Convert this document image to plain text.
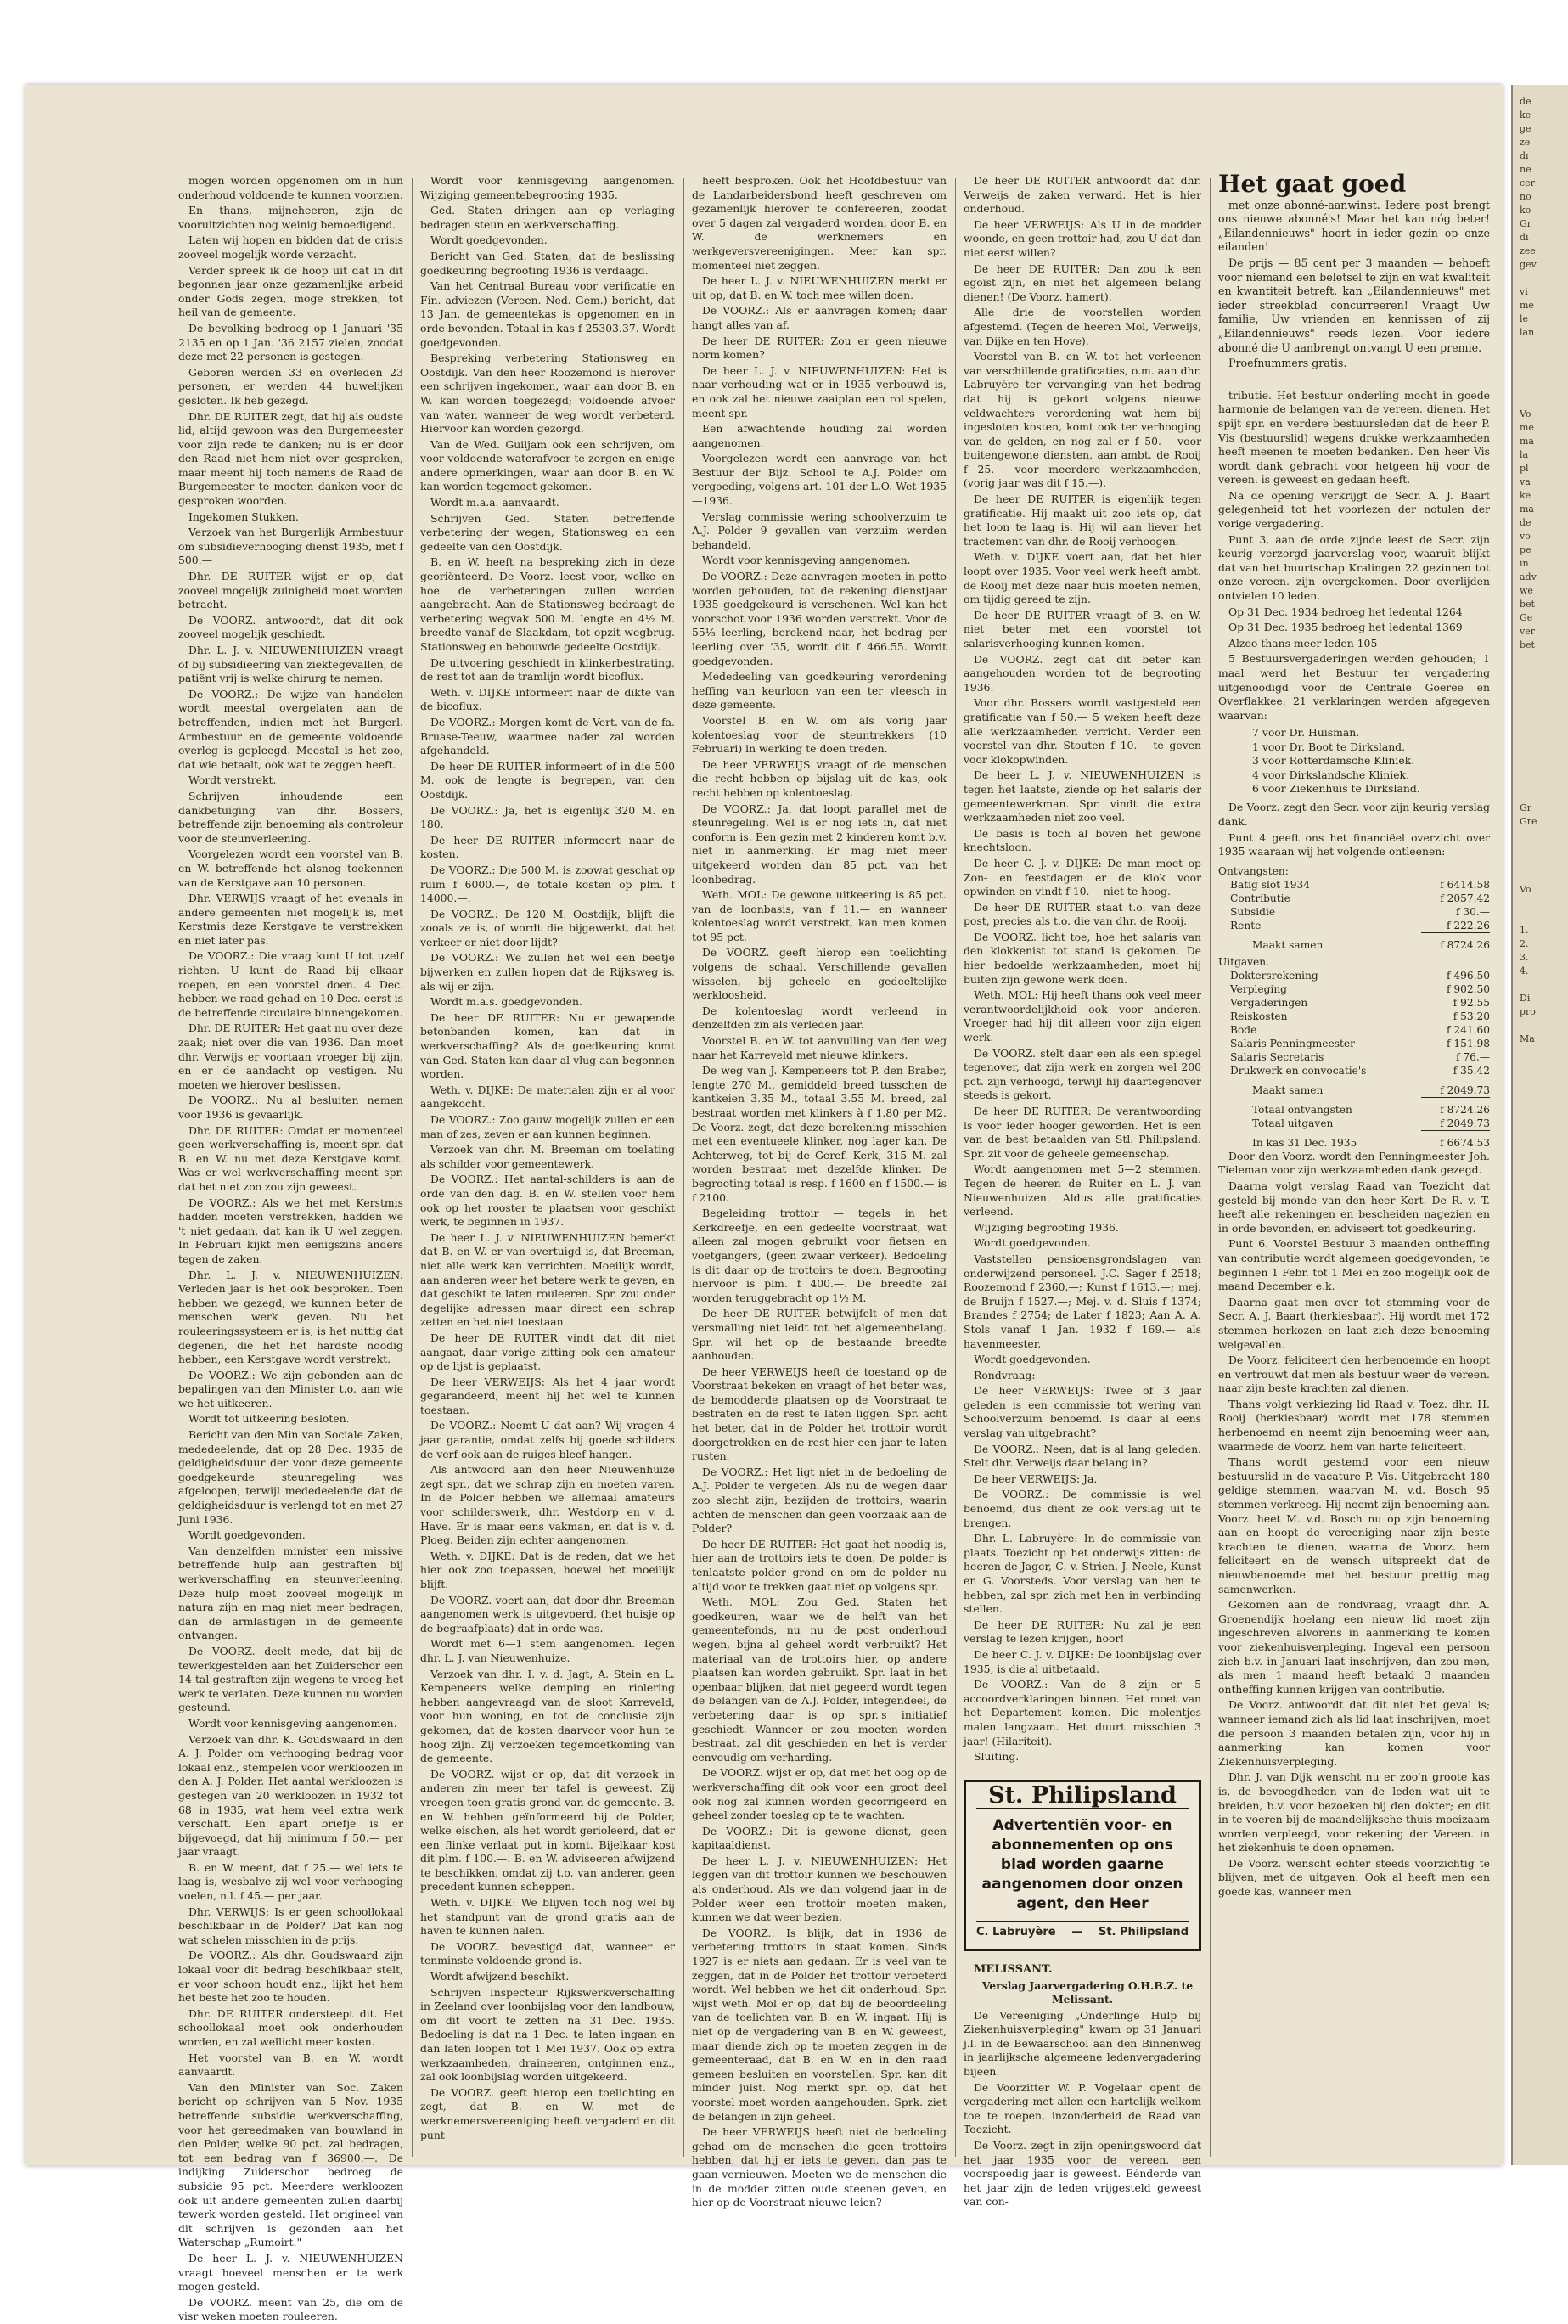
mogen worden opgenomen om in hun onderhoud voldoende te kunnen voorzien.

En thans, mijneheeren, zijn de vooruitzichten nog weinig bemoedigend.

Laten wij hopen en bidden dat de crisis zooveel mogelijk worde verzacht.

Verder spreek ik de hoop uit dat in dit begonnen jaar onze gezamenlijke arbeid onder Gods zegen, moge strekken, tot heil van de gemeente.

De bevolking bedroeg op 1 Januari '35 2135 en op 1 Jan. '36 2157 zielen, zoodat deze met 22 personen is gestegen.

Geboren werden 33 en overleden 23 personen, er werden 44 huwelijken gesloten. Ik heb gezegd.

Dhr. DE RUITER zegt, dat hij als oudste lid, altijd gewoon was den Burgemeester voor zijn rede te danken; nu is er door den Raad niet hem niet over gesproken, maar meent hij toch namens de Raad de Burgemeester te moeten danken voor de gesproken woorden.

Ingekomen Stukken.

Verzoek van het Burgerlijk Armbestuur om subsidieverhooging dienst 1935, met f 500.—

Dhr. DE RUITER wijst er op, dat zooveel mogelijk zuinigheid moet worden betracht.

De VOORZ. antwoordt, dat dit ook zooveel mogelijk geschiedt.

Dhr. L. J. v. NIEUWENHUIZEN vraagt of bij subsidieering van ziektegevallen, de patiënt vrij is welke chirurg te nemen.

De VOORZ.: De wijze van handelen wordt meestal overgelaten aan de betreffenden, indien met het Burgerl. Armbestuur en de gemeente voldoende overleg is gepleegd. Meestal is het zoo, dat wie betaalt, ook wat te zeggen heeft.

Wordt verstrekt.

Schrijven inhoudende een dankbetuiging van dhr. Bossers, betreffende zijn benoeming als controleur voor de steunverleening.

Voorgelezen wordt een voorstel van B. en W. betreffende het alsnog toekennen van de Kerstgave aan 10 personen.

Dhr. VERWIJS vraagt of het evenals in andere gemeenten niet mogelijk is, met Kerstmis deze Kerstgave te verstrekken en niet later pas.

De VOORZ.: Die vraag kunt U tot uzelf richten. U kunt de Raad bij elkaar roepen, en een voorstel doen. 4 Dec. hebben we raad gehad en 10 Dec. eerst is de betreffende circulaire binnengekomen.

Dhr. DE RUITER: Het gaat nu over deze zaak; niet over die van 1936. Dan moet dhr. Verwijs er voortaan vroeger bij zijn, en er de aandacht op vestigen. Nu moeten we hierover beslissen.

De VOORZ.: Nu al besluiten nemen voor 1936 is gevaarlijk.

Dhr. DE RUITER: Omdat er momenteel geen werkverschaffing is, meent spr. dat B. en W. nu met deze Kerstgave komt. Was er wel werkverschaffing meent spr. dat het niet zoo zou zijn geweest.

De VOORZ.: Als we het met Kerstmis hadden moeten verstrekken, hadden we 't niet gedaan, dat kan ik U wel zeggen. In Februari kijkt men eenigszins anders tegen de zaken.

Dhr. L. J. v. NIEUWENHUIZEN: Verleden jaar is het ook besproken. Toen hebben we gezegd, we kunnen beter de menschen werk geven. Nu het rouleeringssysteem er is, is het nuttig dat degenen, die het het hardste noodig hebben, een Kerstgave wordt verstrekt.

De VOORZ.: We zijn gebonden aan de bepalingen van den Minister t.o. aan wie we het uitkeeren.

Wordt tot uitkeering besloten.

Bericht van den Min van Sociale Zaken, mededeelende, dat op 28 Dec. 1935 de geldigheidsduur der voor deze gemeente goedgekeurde steunregeling was afgeloopen, terwijl mededeelende dat de geldigheidsduur is verlengd tot en met 27 Juni 1936.

Wordt goedgevonden.

Van denzelfden minister een missive betreffende hulp aan gestraften bij werkverschaffing en steunverleening. Deze hulp moet zooveel mogelijk in natura zijn en mag niet meer bedragen, dan de armlastigen in de gemeente ontvangen.

De VOORZ. deelt mede, dat bij de tewerkgestelden aan het Zuiderschor een 14-tal gestraften zijn wegens te vroeg het werk te verlaten. Deze kunnen nu worden gesteund.

Wordt voor kennisgeving aangenomen.

Verzoek van dhr. K. Goudswaard in den A. J. Polder om verhooging bedrag voor lokaal enz., stempelen voor werkloozen in den A. J. Polder. Het aantal werkloozen is gestegen van 20 werkloozen in 1932 tot 68 in 1935, wat hem veel extra werk verschaft. Een apart briefje is er bijgevoegd, dat hij minimum f 50.— per jaar vraagt.

B. en W. meent, dat f 25.— wel iets te laag is, wesbalve zij wel voor verhooging voelen, n.l. f 45.— per jaar.

Dhr. VERWIJS: Is er geen schoollokaal beschikbaar in de Polder? Dat kan nog wat schelen misschien in de prijs.

De VOORZ.: Als dhr. Goudswaard zijn lokaal voor dit bedrag beschikbaar stelt, er voor schoon houdt enz., lijkt het hem het beste het zoo te houden.

Dhr. DE RUITER ondersteept dit. Het schoollokaal moet ook onderhouden worden, en zal wellicht meer kosten.

Het voorstel van B. en W. wordt aanvaardt.

Van den Minister van Soc. Zaken bericht op schrijven van 5 Nov. 1935 betreffende subsidie werkverschaffing, voor het gereedmaken van bouwland in den Polder, welke 90 pct. zal bedragen, tot een bedrag van f 36900.—. De indijking Zuiderschor bedroeg de subsidie 95 pct. Meerdere werkloozen ook uit andere gemeenten zullen daarbij tewerk worden gesteld. Het origineel van dit schrijven is gezonden aan het Waterschap „Rumoirt."

De heer L. J. v. NIEUWENHUIZEN vraagt hoeveel menschen er te werk mogen gesteld.

De VOORZ. meent van 25, die om de visr weken moeten rouleeren.

Wordt voor kennisgeving aangenomen. Wijziging gemeentebegrooting 1935.

Ged. Staten dringen aan op verlaging bedragen steun en werkverschaffing.

Wordt goedgevonden.

Bericht van Ged. Staten, dat de beslissing goedkeuring begrooting 1936 is verdaagd.

Van het Centraal Bureau voor verificatie en Fin. adviezen (Vereen. Ned. Gem.) bericht, dat 13 Jan. de gemeentekas is opgenomen en in orde bevonden. Totaal in kas f 25303.37. Wordt goedgevonden.

Bespreking verbetering Stationsweg en Oostdijk. Van den heer Roozemond is hierover een schrijven ingekomen, waar aan door B. en W. kan worden toegezegd; voldoende afvoer van water, wanneer de weg wordt verbeterd. Hiervoor kan worden gezorgd.

Van de Wed. Guiljam ook een schrijven, om voor voldoende waterafvoer te zorgen en enige andere opmerkingen, waar aan door B. en W. kan worden tegemoet gekomen.

Wordt m.a.a. aanvaardt.

Schrijven Ged. Staten betreffende verbetering der wegen, Stationsweg en een gedeelte van den Oostdijk.

B. en W. heeft na bespreking zich in deze georiënteerd. De Voorz. leest voor, welke en hoe de verbeteringen zullen worden aangebracht. Aan de Stationsweg bedraagt de verbetering wegvak 500 M. lengte en 4½ M. breedte vanaf de Slaakdam, tot opzit wegbrug. Stationsweg en bebouwde gedeelte Oostdijk.

De uitvoering geschiedt in klinkerbestrating, de rest tot aan de tramlijn wordt bicoflux.

Weth. v. DIJKE informeert naar de dikte van de bicoflux.

De VOORZ.: Morgen komt de Vert. van de fa. Bruase-Teeuw, waarmee nader zal worden afgehandeld.

De heer DE RUITER informeert of in die 500 M. ook de lengte is begrepen, van den Oostdijk.

De VOORZ.: Ja, het is eigenlijk 320 M. en 180.

De heer DE RUITER informeert naar de kosten.

De VOORZ.: Die 500 M. is zoowat geschat op ruim f 6000.—, de totale kosten op plm. f 14000.—.

De VOORZ.: De 120 M. Oostdijk, blijft die zooals ze is, of wordt die bijgewerkt, dat het verkeer er niet door lijdt?

De VOORZ.: We zullen het wel een beetje bijwerken en zullen hopen dat de Rijksweg is, als wij er zijn.

Wordt m.a.s. goedgevonden.

De heer DE RUITER: Nu er gewapende betonbanden komen, kan dat in werkverschaffing? Als de goedkeuring komt van Ged. Staten kan daar al vlug aan begonnen worden.

Weth. v. DIJKE: De materialen zijn er al voor aangekocht.

De VOORZ.: Zoo gauw mogelijk zullen er een man of zes, zeven er aan kunnen beginnen.

Verzoek van dhr. M. Breeman om toelating als schilder voor gemeentewerk.

De VOORZ.: Het aantal-schilders is aan de orde van den dag. B. en W. stellen voor hem ook op het rooster te plaatsen voor geschikt werk, te beginnen in 1937.

De heer L. J. v. NIEUWENHUIZEN bemerkt dat B. en W. er van overtuigd is, dat Breeman, niet alle werk kan verrichten. Moeilijk wordt, aan anderen weer het betere werk te geven, en dat geschikt te laten rouleeren. Spr. zou onder degelijke adressen maar direct een schrap zetten en het niet toestaan.

De heer DE RUITER vindt dat dit niet aangaat, daar vorige zitting ook een amateur op de lijst is geplaatst.

De heer VERWEIJS: Als het 4 jaar wordt gegarandeerd, meent hij het wel te kunnen toestaan.

De VOORZ.: Neemt U dat aan? Wij vragen 4 jaar garantie, omdat zelfs bij goede schilders de verf ook aan de ruiges bleef hangen.

Als antwoord aan den heer Nieuwenhuize zegt spr., dat we schrap zijn en moeten varen. In de Polder hebben we allemaal amateurs voor schilderswerk, dhr. Westdorp en v. d. Have. Er is maar eens vakman, en dat is v. d. Ploeg. Beiden zijn echter aangenomen.

Weth. v. DIJKE: Dat is de reden, dat we het hier ook zoo toepassen, hoewel het moeilijk blijft.

De VOORZ. voert aan, dat door dhr. Breeman aangenomen werk is uitgevoerd, (het huisje op de begraafplaats) dat in orde was.

Wordt met 6—1 stem aangenomen. Tegen dhr. L. J. van Nieuwenhuize.

Verzoek van dhr. I. v. d. Jagt, A. Stein en L. Kempeneers welke demping en riolering hebben aangevraagd van de sloot Karreveld, voor hun woning, en tot de conclusie zijn gekomen, dat de kosten daarvoor voor hun te hoog zijn. Zij verzoeken tegemoetkoming van de gemeente.

De VOORZ. wijst er op, dat dit verzoek in anderen zin meer ter tafel is geweest. Zij vroegen toen gratis grond van de gemeente. B. en W. hebben geïnformeerd bij de Polder, welke eischen, als het wordt gerioleerd, dat er een flinke verlaat put in komt. Bijelkaar kost dit plm. f 100.—. B. en W. adviseeren afwijzend te beschikken, omdat zij t.o. van anderen geen precedent kunnen scheppen.

Weth. v. DIJKE: We blijven toch nog wel bij het standpunt van de grond gratis aan de haven te kunnen halen.

De VOORZ. bevestigd dat, wanneer er tenminste voldoende grond is.

Wordt afwijzend beschikt.

Schrijven Inspecteur Rijkswerkverschaffing in Zeeland over loonbijslag voor den landbouw, om dit voort te zetten na 31 Dec. 1935. Bedoeling is dat na 1 Dec. te laten ingaan en dan laten loopen tot 1 Mei 1937. Ook op extra werkzaamheden, draineeren, ontginnen enz., zal ook loonbijslag worden uitgekeerd.

De VOORZ. geeft hierop een toelichting en zegt, dat B. en W. met de werknemersvereeniging heeft vergaderd en dit punt

heeft besproken. Ook het Hoofdbestuur van de Landarbeidersbond heeft geschreven om gezamenlijk hierover te confereeren, zoodat over 5 dagen zal vergaderd worden, door B. en W. de werknemers en werkgeversvereenigingen. Meer kan spr. momenteel niet zeggen.

De heer L. J. v. NIEUWENHUIZEN merkt er uit op, dat B. en W. toch mee willen doen.

De VOORZ.: Als er aanvragen komen; daar hangt alles van af.

De heer DE RUITER: Zou er geen nieuwe norm komen?

De heer L. J. v. NIEUWENHUIZEN: Het is naar verhouding wat er in 1935 verbouwd is, en ook zal het nieuwe zaaiplan een rol spelen, meent spr.

Een afwachtende houding zal worden aangenomen.

Voorgelezen wordt een aanvrage van het Bestuur der Bijz. School te A.J. Polder om vergoeding, volgens art. 101 der L.O. Wet 1935—1936.

Verslag commissie wering schoolverzuim te A.J. Polder 9 gevallen van verzuim werden behandeld.

Wordt voor kennisgeving aangenomen.

De VOORZ.: Deze aanvragen moeten in petto worden gehouden, tot de rekening dienstjaar 1935 goedgekeurd is verschenen. Wel kan het voorschot voor 1936 worden verstrekt. Voor de 55⅓ leerling, berekend naar, het bedrag per leerling over '35, wordt dit f 466.55. Wordt goedgevonden.

Mededeeling van goedkeuring verordening heffing van keurloon van een ter vleesch in deze gemeente.

Voorstel B. en W. om als vorig jaar kolentoeslag voor de steuntrekkers (10 Februari) in werking te doen treden.

De heer VERWEIJS vraagt of de menschen die recht hebben op bijslag uit de kas, ook recht hebben op kolentoeslag.

De VOORZ.: Ja, dat loopt parallel met de steunregeling. Wel is er nog iets in, dat niet conform is. Een gezin met 2 kinderen komt b.v. niet in aanmerking. Er mag niet meer uitgekeerd worden dan 85 pct. van het loonbedrag.

Weth. MOL: De gewone uitkeering is 85 pct. van de loonbasis, van f 11.— en wanneer kolentoeslag wordt verstrekt, kan men komen tot 95 pct.

De VOORZ. geeft hierop een toelichting volgens de schaal. Verschillende gevallen wisselen, bij geheele en gedeeltelijke werkloosheid.

De kolentoeslag wordt verleend in denzelfden zin als verleden jaar.

Voorstel B. en W. tot aanvulling van den weg naar het Karreveld met nieuwe klinkers.

De weg van J. Kempeneers tot P. den Braber, lengte 270 M., gemiddeld breed tusschen de kantkeien 3.35 M., totaal 3.55 M. breed, zal bestraat worden met klinkers à f 1.80 per M2. De Voorz. zegt, dat deze berekening misschien met een eventueele klinker, nog lager kan. De Achterweg, tot bij de Geref. Kerk, 315 M. zal worden bestraat met dezelfde klinker. De begrooting totaal is resp. f 1600 en f 1500.— is f 2100.

Begeleiding trottoir — tegels in het Kerkdreefje, en een gedeelte Voorstraat, wat alleen zal mogen gebruikt voor fietsen en voetgangers, (geen zwaar verkeer). Bedoeling is dit daar op de trottoirs te doen. Begrooting hiervoor is plm. f 400.—. De breedte zal worden teruggebracht op 1½ M.

De heer DE RUITER betwijfelt of men dat versmalling niet leidt tot het algemeenbelang. Spr. wil het op de bestaande breedte aanhouden.

De heer VERWEIJS heeft de toestand op de Voorstraat bekeken en vraagt of het beter was, de bemodderde plaatsen op de Voorstraat te bestraten en de rest te laten liggen. Spr. acht het beter, dat in de Polder het trottoir wordt doorgetrokken en de rest hier een jaar te laten rusten.

De VOORZ.: Het ligt niet in de bedoeling de A.J. Polder te vergeten. Als nu de wegen daar zoo slecht zijn, bezijden de trottoirs, waarin achten de menschen dan geen voorzaak aan de Polder?

De heer DE RUITER: Het gaat het noodig is, hier aan de trottoirs iets te doen. De polder is tenlaatste polder grond en om de polder nu altijd voor te trekken gaat niet op volgens spr.

Weth. MOL: Zou Ged. Staten het goedkeuren, waar we de helft van het gemeentefonds, nu nu de post onderhoud wegen, bijna al geheel wordt verbruikt? Het materiaal van de trottoirs hier, op andere plaatsen kan worden gebruikt. Spr. laat in het openbaar blijken, dat niet gegeerd wordt tegen de belangen van de A.J. Polder, integendeel, de verbetering daar is op spr.'s initiatief geschiedt. Wanneer er zou moeten worden bestraat, zal dit geschieden en het is verder eenvoudig om verharding.

De VOORZ. wijst er op, dat met het oog op de werkverschaffing dit ook voor een groot deel ook nog zal kunnen worden gecorrigeerd en geheel zonder toeslag op te te wachten.

De VOORZ.: Dit is gewone dienst, geen kapitaaldienst.

De heer L. J. v. NIEUWENHUIZEN: Het leggen van dit trottoir kunnen we beschouwen als onderhoud. Als we dan volgend jaar in de Polder weer een trottoir moeten maken, kunnen we dat weer bezien.

De VOORZ.: Is blijk, dat in 1936 de verbetering trottoirs in staat komen. Sinds 1927 is er niets aan gedaan. Er is veel van te zeggen, dat in de Polder het trottoir verbeterd wordt. Wel hebben we het dit onderhoud. Spr. wijst weth. Mol er op, dat bij de beoordeeling van de toelichten van B. en W. ingaat. Hij is niet op de vergadering van B. en W. geweest, maar diende zich op te moeten zeggen in de gemeenteraad, dat B. en W. en in den raad gemeen besluiten en voorstellen. Spr. kan dit minder juist. Nog merkt spr. op, dat het voorstel moet worden aangehouden. Sprk. ziet de belangen in zijn geheel.

De heer VERWEIJS heeft niet de bedoeling gehad om de menschen die geen trottoirs hebben, dat hij er iets te geven, dan pas te gaan vernieuwen. Moeten we de menschen die in de modder zitten oude steenen geven, en hier op de Voorstraat nieuwe leien?

De heer DE RUITER antwoordt dat dhr. Verweijs de zaken verward. Het is hier onderhoud.

De heer VERWEIJS: Als U in de modder woonde, en geen trottoir had, zou U dat dan niet eerst willen?

De heer DE RUITER: Dan zou ik een egoïst zijn, en niet het algemeen belang dienen! (De Voorz. hamert).

Alle drie de voorstellen worden afgestemd. (Tegen de heeren Mol, Verweijs, van Dijke en ten Hove).

Voorstel van B. en W. tot het verleenen van verschillende gratificaties, o.m. aan dhr. Labruyère ter vervanging van het bedrag dat hij is gekort volgens nieuwe veldwachters verordening wat hem bij ingesloten kosten, komt ook ter verhooging van de gelden, en nog zal er f 50.— voor buitengewone diensten, aan ambt. de Rooij f 25.— voor meerdere werkzaamheden, (vorig jaar was dit f 15.—).

De heer DE RUITER is eigenlijk tegen gratificatie. Hij maakt uit zoo iets op, dat het loon te laag is. Hij wil aan liever het tractement van dhr. de Rooij verhoogen.

Weth. v. DIJKE voert aan, dat het hier loopt over 1935. Voor veel werk heeft ambt. de Rooij met deze naar huis moeten nemen, om tijdig gereed te zijn.

De heer DE RUITER vraagt of B. en W. niet beter met een voorstel tot salarisverhooging kunnen komen.

De VOORZ. zegt dat dit beter kan aangehouden worden tot de begrooting 1936.

Voor dhr. Bossers wordt vastgesteld een gratificatie van f 50.— 5 weken heeft deze alle werkzaamheden verricht. Verder een voorstel van dhr. Stouten f 10.— te geven voor klokopwinden.

De heer L. J. v. NIEUWENHUIZEN is tegen het laatste, ziende op het salaris der gemeentewerkman. Spr. vindt die extra werkzaamheden niet zoo veel.

De basis is toch al boven het gewone knechtsloon.

De heer C. J. v. DIJKE: De man moet op Zon- en feestdagen er de klok voor opwinden en vindt f 10.— niet te hoog.

De heer DE RUITER staat t.o. van deze post, precies als t.o. die van dhr. de Rooij.

De VOORZ. licht toe, hoe het salaris van den klokkenist tot stand is gekomen. De hier bedoelde werkzaamheden, moet hij buiten zijn gewone werk doen.

Weth. MOL: Hij heeft thans ook veel meer verantwoordelijkheid ook voor anderen. Vroeger had hij dit alleen voor zijn eigen werk.

De VOORZ. stelt daar een als een spiegel tegenover, dat zijn werk en zorgen wel 200 pct. zijn verhoogd, terwijl hij daartegenover steeds is gekort.

De heer DE RUITER: De verantwoording is voor ieder hooger geworden. Het is een van de best betaalden van Stl. Philipsland. Spr. zit voor de geheele gemeenschap.

Wordt aangenomen met 5—2 stemmen. Tegen de heeren de Ruiter en L. J. van Nieuwenhuizen. Aldus alle gratificaties verleend.

Wijziging begrooting 1936.

Wordt goedgevonden.

Vaststellen pensioensgrondslagen van onderwijzend personeel. J.C. Sager f 2518; Roozemond f 2360.—; Kunst f 1613.—; mej. de Bruijn f 1527.—; Mej. v. d. Sluis f 1374; Brandes f 2754; de Later f 1823; Aan A. A. Stols vanaf 1 Jan. 1932 f 169.— als havenmeester.

Wordt goedgevonden.

Rondvraag:

De heer VERWEIJS: Twee of 3 jaar geleden is een commissie tot wering van Schoolverzuim benoemd. Is daar al eens verslag van uitgebracht?

De VOORZ.: Neen, dat is al lang geleden. Stelt dhr. Verweijs daar belang in?

De heer VERWEIJS: Ja.

De VOORZ.: De commissie is wel benoemd, dus dient ze ook verslag uit te brengen.

Dhr. L. Labruyère: In de commissie van plaats. Toezicht op het onderwijs zitten: de heeren de Jager, C. v. Strien, J. Neele, Kunst en G. Voorsteds. Voor verslag van hen te hebben, zal spr. zich met hen in verbinding stellen.

De heer DE RUITER: Nu zal je een verslag te lezen krijgen, hoor!

De heer C. J. v. DIJKE: De loonbijslag over 1935, is die al uitbetaald.

De VOORZ.: Van de 8 zijn er 5 accoordverklaringen binnen. Het moet van het Departement komen. Die molentjes malen langzaam. Het duurt misschien 3 jaar! (Hilariteit).

Sluiting.

St. Philipsland
Advertentiën voor- en abonnementen op ons blad worden gaarne aangenomen door onzen agent, den Heer
C. Labruyère — St. Philipsland

MELISSANT.

Verslag Jaarvergadering O.H.B.Z. te Melissant.

De Vereeniging „Onderlinge Hulp bij Ziekenhuisverpleging" kwam op 31 Januari j.l. in de Bewaarschool aan den Binnenweg in jaarlijksche algemeene ledenvergadering bijeen.

De Voorzitter W. P. Vogelaar opent de vergadering met allen een hartelijk welkom toe te roepen, inzonderheid de Raad van Toezicht.

De Voorz. zegt in zijn openingswoord dat het jaar 1935 voor de vereen. een voorspoedig jaar is geweest. Eénderde van het jaar zijn de leden vrijgesteld geweest van con-

Het gaat goed

met onze abonné-aanwinst. Iedere post brengt ons nieuwe abonné's! Maar het kan nóg beter! „Eilandennieuws" hoort in ieder gezin op onze eilanden!

De prijs — 85 cent per 3 maanden — behoeft voor niemand een beletsel te zijn en wat kwaliteit en kwantiteit betreft, kan „Eilandennieuws" met ieder streekblad concurreeren! Vraagt Uw familie, Uw vrienden en kennissen of zij „Eilandennieuws" reeds lezen. Voor iedere abonné die U aanbrengt ontvangt U een premie.

Proefnummers gratis.

tributie. Het bestuur onderling mocht in goede harmonie de belangen van de vereen. dienen. Het spijt spr. en verdere bestuursleden dat de heer P. Vis (bestuurslid) wegens drukke werkzaamheden heeft meenen te moeten bedanken. Den heer Vis wordt dank gebracht voor hetgeen hij voor de vereen. is geweest en gedaan heeft.

Na de opening verkrijgt de Secr. A. J. Baart gelegenheid tot het voorlezen der notulen der vorige vergadering.

Punt 3, aan de orde zijnde leest de Secr. zijn keurig verzorgd jaarverslag voor, waaruit blijkt dat van het buurtschap Kralingen 22 gezinnen tot onze vereen. zijn overgekomen. Door overlijden ontvielen 10 leden.

Op 31 Dec. 1934 bedroeg het ledental 1264

Op 31 Dec. 1935 bedroeg het ledental 1369

Alzoo thans meer leden 105

5 Bestuursvergaderingen werden gehouden; 1 maal werd het Bestuur ter vergadering uitgenoodigd voor de Centrale Goeree en Overflakkee; 21 verklaringen werden afgegeven waarvan:

7 voor Dr. Huisman.
1 voor Dr. Boot te Dirksland.
3 voor Rotterdamsche Kliniek.
4 voor Dirkslandsche Kliniek.
6 voor Ziekenhuis te Dirksland.

De Voorz. zegt den Secr. voor zijn keurig verslag dank.

Punt 4 geeft ons het financiëel overzicht over 1935 waaraan wij het volgende ontleenen:

Ontvangsten:	
Batig slot 1934	f 6414.58
Contributie	f 2057.42
Subsidie	f 30.—
Rente	f 222.26
Maakt samen	f 8724.26
Uitgaven.	
Doktersrekening	f 496.50
Verpleging	f 902.50
Vergaderingen	f 92.55
Reiskosten	f 53.20
Bode	f 241.60
Salaris Penningmeester	f 151.98
Salaris Secretaris	f 76.—
Drukwerk en convocatie's	f 35.42
Maakt samen	f 2049.73
Totaal ontvangsten	f 8724.26
Totaal uitgaven	f 2049.73
In kas 31 Dec. 1935	f 6674.53

Door den Voorz. wordt den Penningmeester Joh. Tieleman voor zijn werkzaamheden dank gezegd.

Daarna volgt verslag Raad van Toezicht dat gesteld bij monde van den heer Kort. De R. v. T. heeft alle rekeningen en bescheiden nagezien en in orde bevonden, en adviseert tot goedkeuring.

Punt 6. Voorstel Bestuur 3 maanden ontheffing van contributie wordt algemeen goedgevonden, te beginnen 1 Febr. tot 1 Mei en zoo mogelijk ook de maand December e.k.

Daarna gaat men over tot stemming voor de Secr. A. J. Baart (herkiesbaar). Hij wordt met 172 stemmen herkozen en laat zich deze benoeming welgevallen.

De Voorz. feliciteert den herbenoemde en hoopt en vertrouwt dat men als bestuur weer de vereen. naar zijn beste krachten zal dienen.

Thans volgt verkiezing lid Raad v. Toez. dhr. H. Rooij (herkiesbaar) wordt met 178 stemmen herbenoemd en neemt zijn benoeming weer aan, waarmede de Voorz. hem van harte feliciteert.

Thans wordt gestemd voor een nieuw bestuurslid in de vacature P. Vis. Uitgebracht 180 geldige stemmen, waarvan M. v.d. Bosch 95 stemmen verkreeg. Hij neemt zijn benoeming aan. Voorz. heet M. v.d. Bosch nu op zijn benoeming aan en hoopt de vereeniging naar zijn beste krachten te dienen, waarna de Voorz. hem feliciteert en de wensch uitspreekt dat de nieuwbenoemde met het bestuur prettig mag samenwerken.

Gekomen aan de rondvraag, vraagt dhr. A. Groenendijk hoelang een nieuw lid moet zijn ingeschreven alvorens in aanmerking te komen voor ziekenhuisverpleging. Ingeval een persoon zich b.v. in Januari laat inschrijven, dan zou men, als men 1 maand heeft betaald 3 maanden ontheffing kunnen krijgen van contributie.

De Voorz. antwoordt dat dit niet het geval is; wanneer iemand zich als lid laat inschrijven, moet die persoon 3 maanden betalen zijn, voor hij in aanmerking kan komen voor Ziekenhuisverpleging.

Dhr. J. van Dijk wenscht nu er zoo'n groote kas is, de bevoegdheden van de leden wat uit te breiden, b.v. voor bezoeken bij den dokter; en dit in te voeren bij de maandelijksche thuis moeizaam worden verpleegd, voor rekening der Vereen. in het ziekenhuis te doen opnemen.

De Voorz. wenscht echter steeds voorzichtig te blijven, met de uitgaven. Ook al heeft men een goede kas, wanneer men

de
ke
ge
ze
dı
ne
cer
no
ko
Gr
di
zee
gev
vi
me
le
lan
Vo
me
ma
la
pl
va
ke
ma
de
vo
pe
in
adv
we
bet
Ge
ver
bet
Gr
Gre
Vo
1.
2.
3.
4.
Di
pro
Ma
